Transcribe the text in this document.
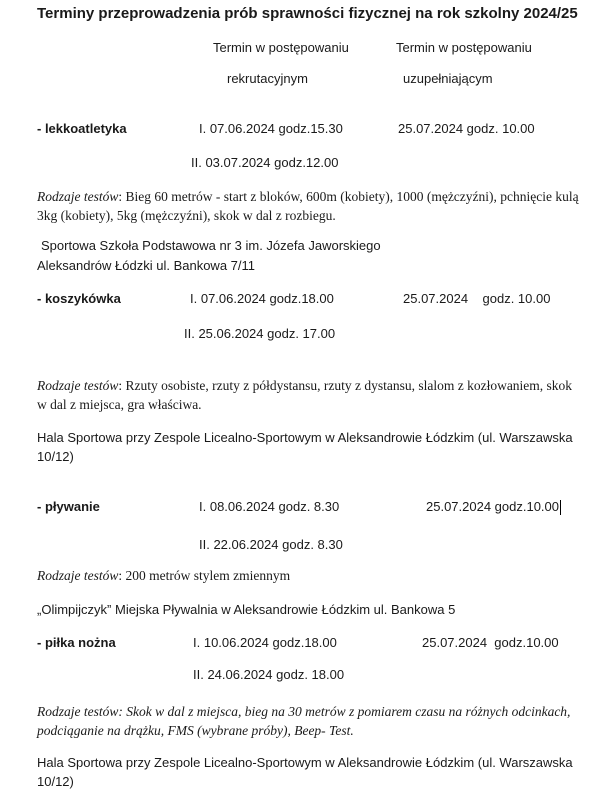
Terminy przeprowadzenia prób sprawności fizycznej na rok szkolny 2024/25
Termin w postępowaniu
rekrutacyjnym
Termin w postępowaniu
uzupełniającym
- lekkoatletyka	I. 07.06.2024 godz.15.30	25.07.2024 godz. 10.00
II. 03.07.2024 godz.12.00
Rodzaje testów: Bieg 60 metrów - start z bloków, 600m (kobiety), 1000 (mężczyźni), pchnięcie kulą 3kg (kobiety), 5kg (mężczyźni), skok w dal z rozbiegu.
Sportowa Szkoła Podstawowa nr 3 im. Józefa Jaworskiego
Aleksandrów Łódzki ul. Bankowa 7/11
- koszykówka	I. 07.06.2024 godz.18.00	25.07.2024    godz. 10.00
II. 25.06.2024 godz. 17.00
Rodzaje testów: Rzuty osobiste, rzuty z półdystansu, rzuty z dystansu, slalom z kozłowaniem, skok w dal z miejsca, gra właściwa.
Hala Sportowa przy Zespole Licealno-Sportowym w Aleksandrowie Łódzkim (ul. Warszawska 10/12)
- pływanie	I. 08.06.2024 godz. 8.30	25.07.2024 godz.10.00
II. 22.06.2024 godz. 8.30
Rodzaje testów: 200 metrów stylem zmiennym
„Olimpijczyk” Miejska Pływalnia w Aleksandrowie Łódzkim ul. Bankowa 5
- piłka nożna	I. 10.06.2024 godz.18.00	25.07.2024  godz.10.00
II. 24.06.2024 godz. 18.00
Rodzaje testów: Skok w dal z miejsca, bieg na 30 metrów z pomiarem czasu na różnych odcinkach, podciąganie na drążku, FMS (wybrane próby), Beep- Test.
Hala Sportowa przy Zespole Licealno-Sportowym w Aleksandrowie Łódzkim (ul. Warszawska 10/12)
